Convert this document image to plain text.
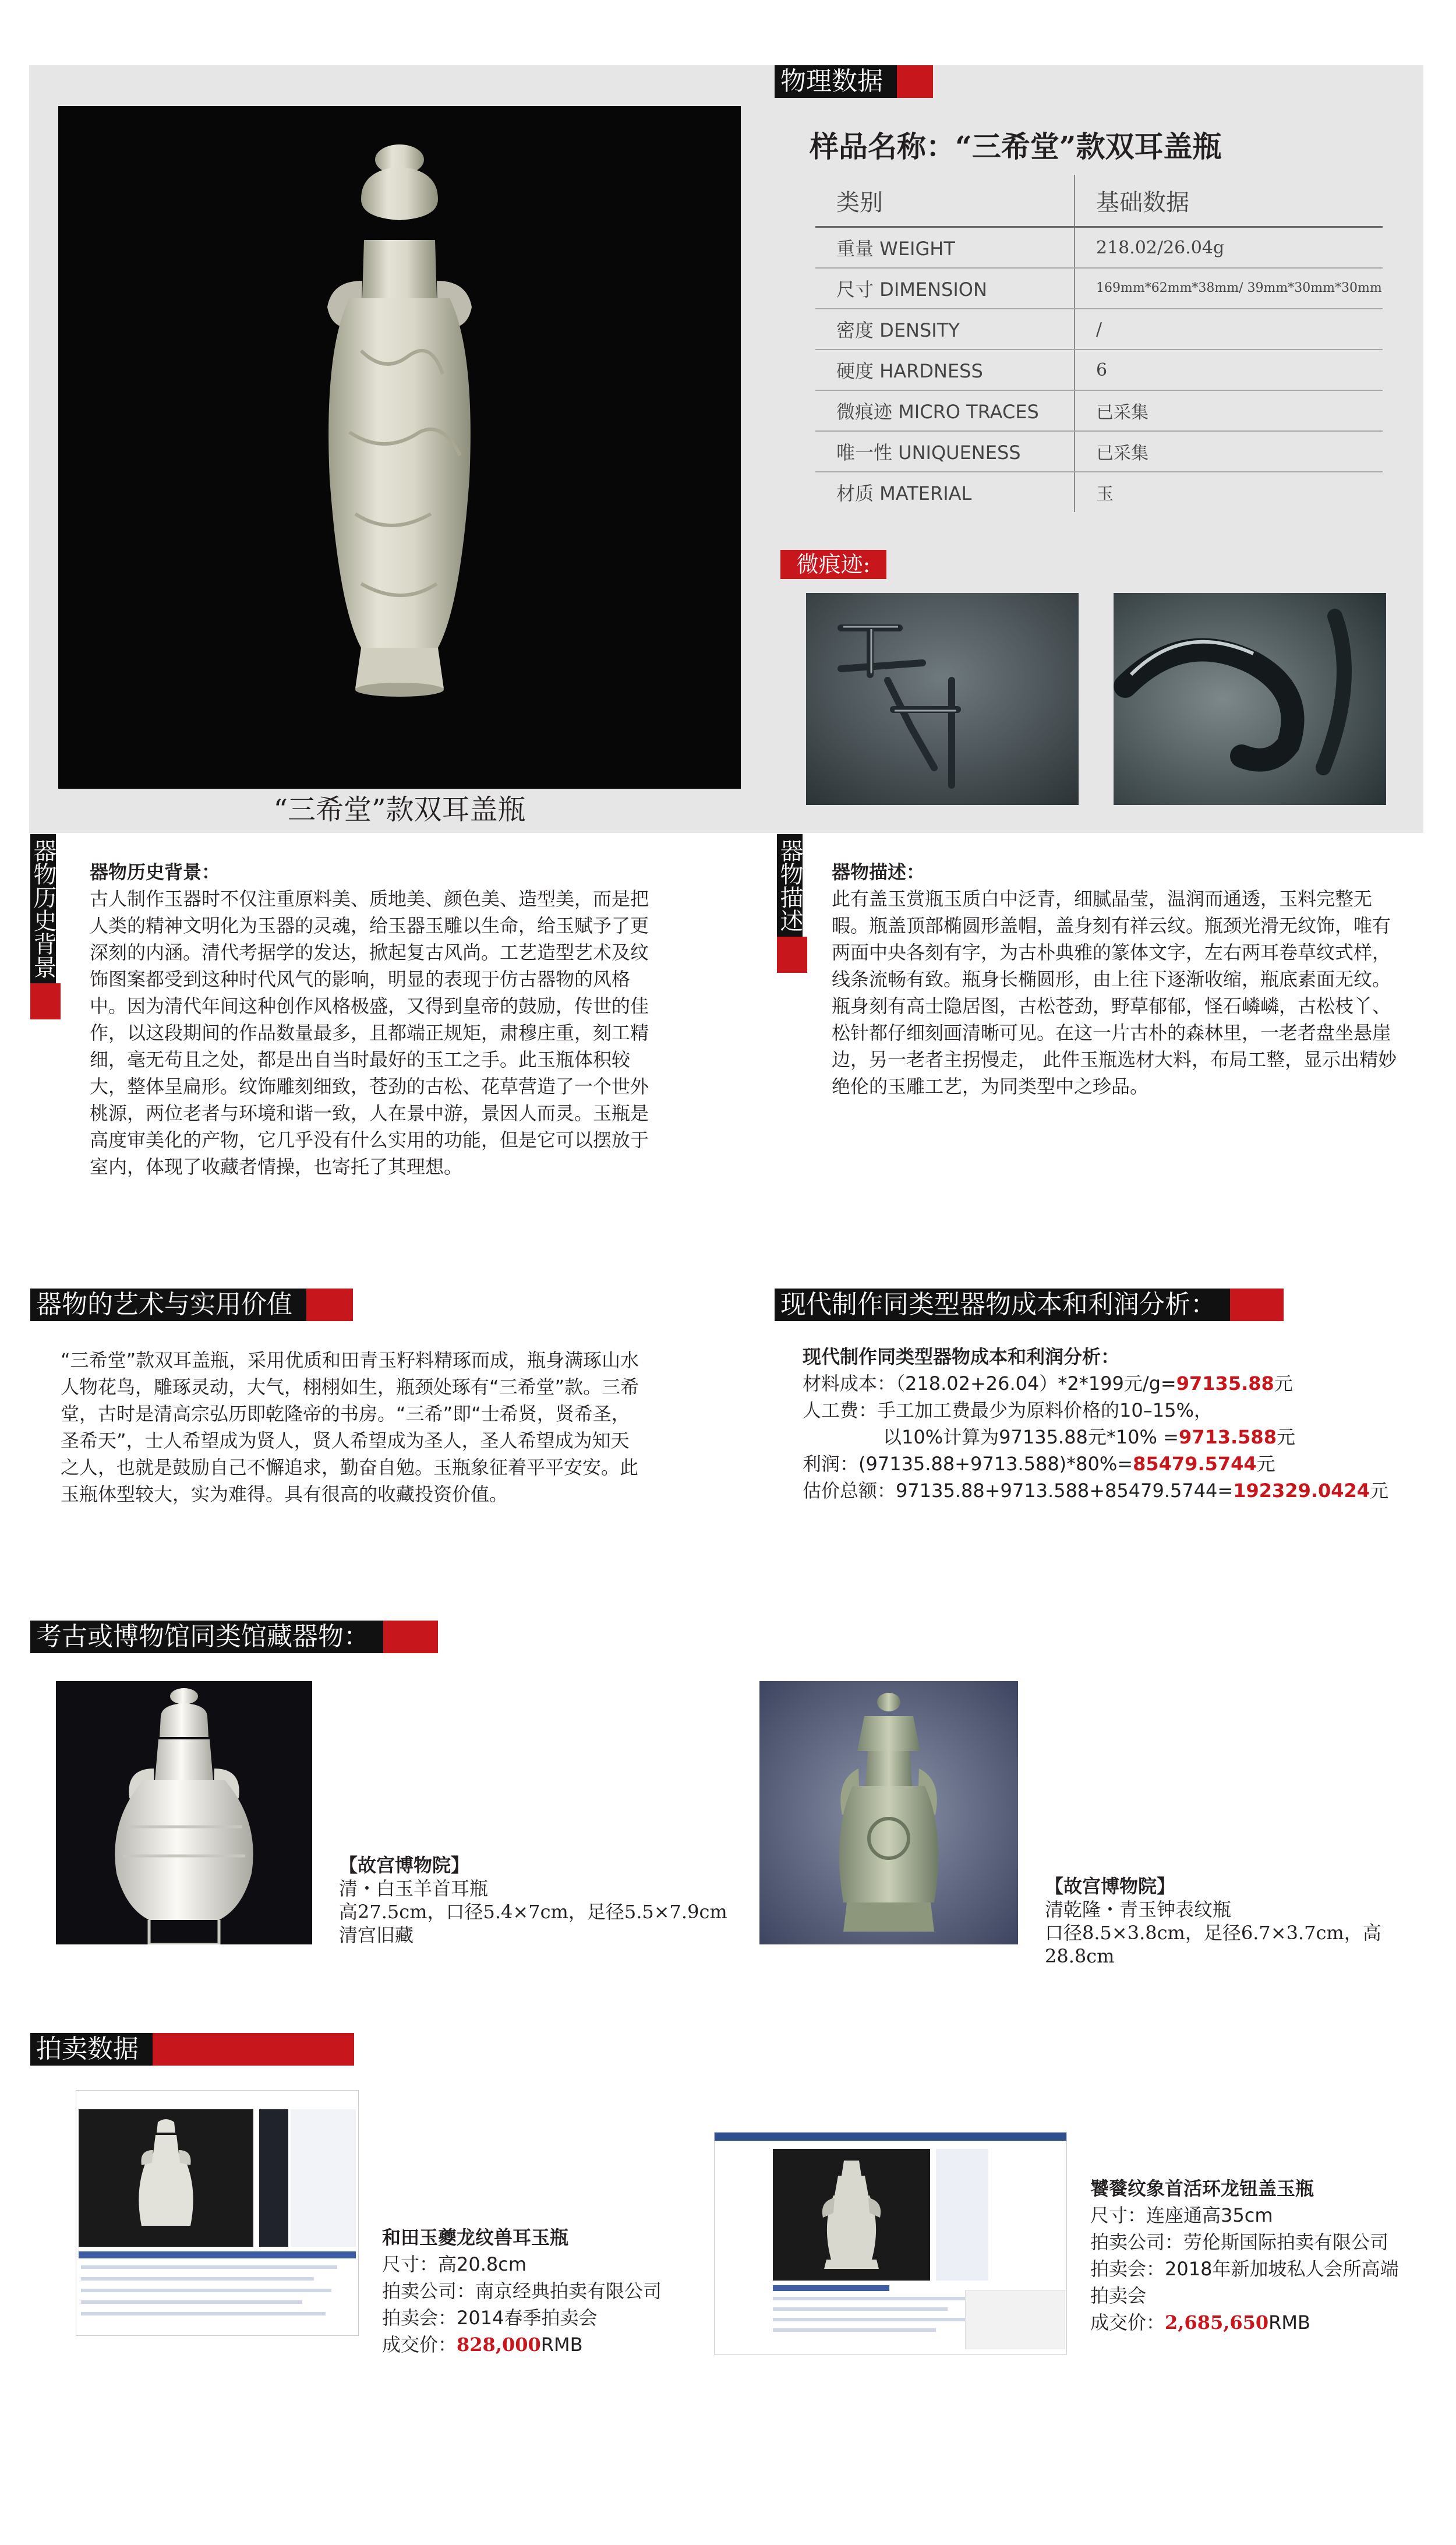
“三希堂”款双耳盖瓶
物理数据
样品名称：“三希堂”款双耳盖瓶
类别	基础数据
重量 WEIGHT	218.02/26.04g
尺寸 DIMENSION	169mm*62mm*38mm/ 39mm*30mm*30mm
密度 DENSITY	/
硬度 HARDNESS	6
微痕迹 MICRO TRACES	已采集
唯一性 UNIQUENESS	已采集
材质 MATERIAL	玉
微痕迹:
器物历史背景 器物历史背景：
古人制作玉器时不仅注重原料美、质地美、颜色美、造型美，而是把人类的精神文明化为玉器的灵魂，给玉器玉雕以生命，给玉赋予了更深刻的内涵。清代考据学的发达，掀起复古风尚。工艺造型艺术及纹饰图案都受到这种时代风气的影响，明显的表现于仿古器物的风格中。因为清代年间这种创作风格极盛，又得到皇帝的鼓励，传世的佳作，以这段期间的作品数量最多，且都端正规矩，肃穆庄重，刻工精细，毫无苟且之处，都是出自当时最好的玉工之手。此玉瓶体积较大，整体呈扁形。纹饰雕刻细致，苍劲的古松、花草营造了一个世外桃源，两位老者与环境和谐一致，人在景中游，景因人而灵。玉瓶是高度审美化的产物，它几乎没有什么实用的功能，但是它可以摆放于室内，体现了收藏者情操，也寄托了其理想。
器物描述 器物描述：
此有盖玉赏瓶玉质白中泛青，细腻晶莹，温润而通透，玉料完整无暇。瓶盖顶部椭圆形盖帽，盖身刻有祥云纹。瓶颈光滑无纹饰，唯有两面中央各刻有字，为古朴典雅的篆体文字，左右两耳卷草纹式样，线条流畅有致。瓶身长椭圆形，由上往下逐渐收缩，瓶底素面无纹。瓶身刻有高士隐居图，古松苍劲，野草郁郁，怪石嶙嶙，古松枝丫、松针都仔细刻画清晰可见。在这一片古朴的森林里，一老者盘坐悬崖边，另一老者主拐慢走， 此件玉瓶选材大料，布局工整，显示出精妙绝伦的玉雕工艺，为同类型中之珍品。
器物的艺术与实用价值
“三希堂”款双耳盖瓶，采用优质和田青玉籽料精琢而成，瓶身满琢山水人物花鸟，雕琢灵动，大气，栩栩如生，瓶颈处琢有“三希堂”款。三希堂，古时是清高宗弘历即乾隆帝的书房。“三希”即“士希贤，贤希圣，圣希天”，士人希望成为贤人，贤人希望成为圣人，圣人希望成为知天之人，也就是鼓励自己不懈追求，勤奋自勉。玉瓶象征着平平安安。此玉瓶体型较大，实为难得。具有很高的收藏投资价值。
现代制作同类型器物成本和利润分析：
现代制作同类型器物成本和利润分析：
材料成本：（218.02+26.04）*2*199元/g=97135.88元
人工费：手工加工费最少为原料价格的10–15%，
以10%计算为97135.88元*10% =9713.588元
利润：(97135.88+9713.588)*80%=85479.5744元
估价总额：97135.88+9713.588+85479.5744=192329.0424元
考古或博物馆同类馆藏器物：
【故宫博物院】
清・白玉羊首耳瓶
高27.5cm，口径5.4×7cm，足径5.5×7.9cm
清宫旧藏
【故宫博物院】
清乾隆・青玉钟表纹瓶
口径8.5×3.8cm，足径6.7×3.7cm，高28.8cm
拍卖数据
和田玉夔龙纹兽耳玉瓶
尺寸：高20.8cm
拍卖公司：南京经典拍卖有限公司
拍卖会：2014春季拍卖会
成交价：828,000RMB
饕餮纹象首活环龙钮盖玉瓶
尺寸：连座通高35cm
拍卖公司：劳伦斯国际拍卖有限公司
拍卖会：2018年新加坡私人会所高端拍卖会
成交价：2,685,650RMB
